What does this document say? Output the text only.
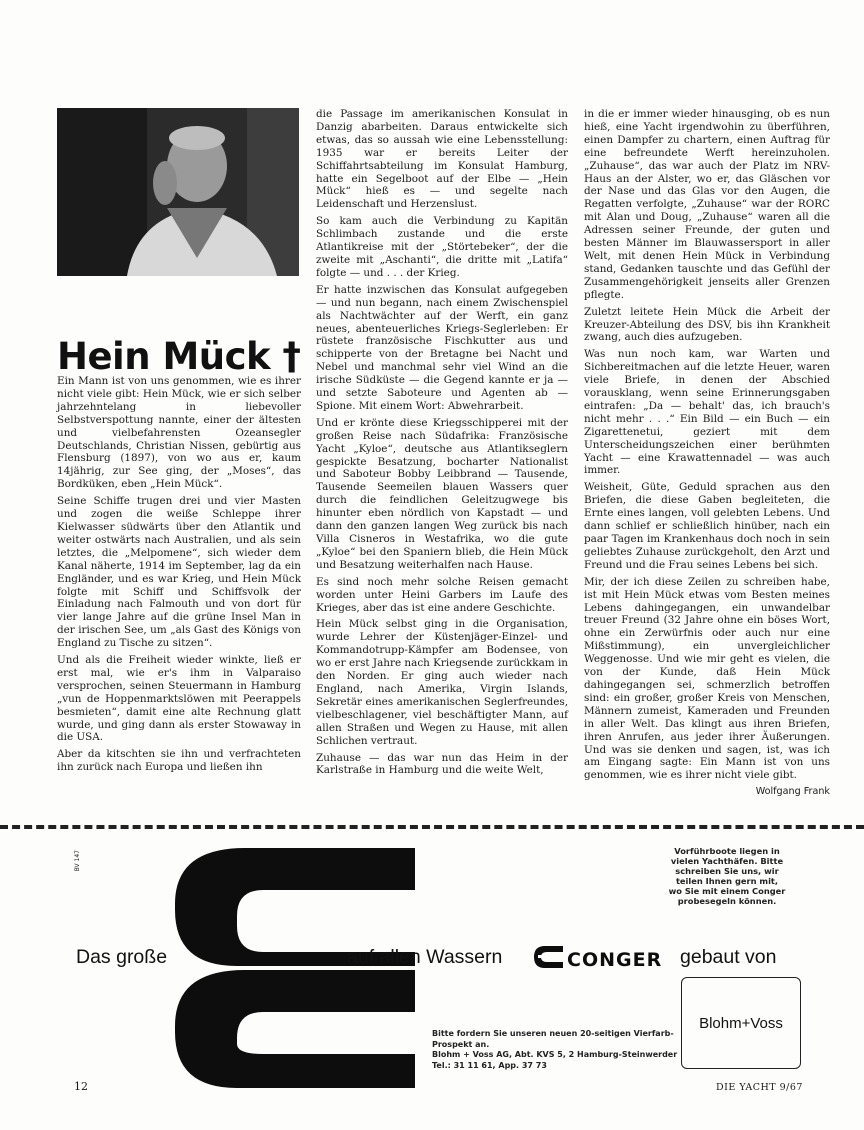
Hein Mück †

Ein Mann ist von uns genommen, wie es ihrer nicht viele gibt: Hein Mück, wie er sich selber jahrzehntelang in liebevoller Selbstverspottung nannte, einer der ältesten und vielbefahrensten Ozeansegler Deutschlands, Christian Nissen, gebürtig aus Flensburg (1897), von wo aus er, kaum 14jährig, zur See ging, der „Moses“, das Bordküken, eben „Hein Mück“.

Seine Schiffe trugen drei und vier Masten und zogen die weiße Schleppe ihrer Kielwasser südwärts über den Atlantik und weiter ostwärts nach Australien, und als sein letztes, die „Melpomene“, sich wieder dem Kanal näherte, 1914 im September, lag da ein Engländer, und es war Krieg, und Hein Mück folgte mit Schiff und Schiffsvolk der Einladung nach Falmouth und von dort für vier lange Jahre auf die grüne Insel Man in der irischen See, um „als Gast des Königs von England zu Tische zu sitzen“.

Und als die Freiheit wieder winkte, ließ er erst mal, wie er's ihm in Valparaiso versprochen, seinen Steuermann in Hamburg „vun de Hoppenmarktslöwen mit Peerappels besmieten“, damit eine alte Rechnung glatt wurde, und ging dann als erster Stowaway in die USA.

Aber da kitschten sie ihn und verfrachteten ihn zurück nach Europa und ließen ihn

die Passage im amerikanischen Konsulat in Danzig abarbeiten. Daraus entwickelte sich etwas, das so aussah wie eine Lebensstellung: 1935 war er bereits Leiter der Schiffahrtsabteilung im Konsulat Hamburg, hatte ein Segelboot auf der Elbe — „Hein Mück“ hieß es — und segelte nach Leidenschaft und Herzenslust.

So kam auch die Verbindung zu Kapitän Schlimbach zustande und die erste Atlantikreise mit der „Störtebeker“, der die zweite mit „Aschanti“, die dritte mit „Latifa“ folgte — und . . . der Krieg.

Er hatte inzwischen das Konsulat aufgegeben — und nun begann, nach einem Zwischenspiel als Nachtwächter auf der Werft, ein ganz neues, abenteuerliches Kriegs-Seglerleben: Er rüstete französische Fischkutter aus und schipperte von der Bretagne bei Nacht und Nebel und manchmal sehr viel Wind an die irische Südküste — die Gegend kannte er ja — und setzte Saboteure und Agenten ab — Spione. Mit einem Wort: Abwehrarbeit.

Und er krönte diese Kriegsschipperei mit der großen Reise nach Südafrika: Französische Yacht „Kyloe“, deutsche aus Atlantikseglern gespickte Besatzung, bocharter Nationalist und Saboteur Bobby Leibbrand — Tausende, Tausende Seemeilen blauen Wassers quer durch die feindlichen Geleitzugwege bis hinunter eben nördlich von Kapstadt — und dann den ganzen langen Weg zurück bis nach Villa Cisneros in Westafrika, wo die gute „Kyloe“ bei den Spaniern blieb, die Hein Mück und Besatzung weiterhalfen nach Hause.

Es sind noch mehr solche Reisen gemacht worden unter Heini Garbers im Laufe des Krieges, aber das ist eine andere Geschichte.

Hein Mück selbst ging in die Organisation, wurde Lehrer der Küstenjäger-Einzel- und Kommandotrupp-Kämpfer am Bodensee, von wo er erst Jahre nach Kriegsende zurückkam in den Norden. Er ging auch wieder nach England, nach Amerika, Virgin Islands, Sekretär eines amerikanischen Seglerfreundes, vielbeschlagener, viel beschäftigter Mann, auf allen Straßen und Wegen zu Hause, mit allen Schlichen vertraut.

Zuhause — das war nun das Heim in der Karlstraße in Hamburg und die weite Welt,

in die er immer wieder hinausging, ob es nun hieß, eine Yacht irgendwohin zu überführen, einen Dampfer zu chartern, einen Auftrag für eine befreundete Werft hereinzuholen. „Zuhause“, das war auch der Platz im NRV-Haus an der Alster, wo er, das Gläschen vor der Nase und das Glas vor den Augen, die Regatten verfolgte, „Zuhause“ war der RORC mit Alan und Doug, „Zuhause“ waren all die Adressen seiner Freunde, der guten und besten Männer im Blauwassersport in aller Welt, mit denen Hein Mück in Verbindung stand, Gedanken tauschte und das Gefühl der Zusammengehörigkeit jenseits aller Grenzen pflegte.

Zuletzt leitete Hein Mück die Arbeit der Kreuzer-Abteilung des DSV, bis ihn Krankheit zwang, auch dies aufzugeben.

Was nun noch kam, war Warten und Sichbereitmachen auf die letzte Heuer, waren viele Briefe, in denen der Abschied vorausklang, wenn seine Erinnerungsgaben eintrafen: „Da — behalt' das, ich brauch's nicht mehr . . .“ Ein Bild — ein Buch — ein Zigarettenetui, geziert mit dem Unterscheidungszeichen einer berühmten Yacht — eine Krawattennadel — was auch immer.

Weisheit, Güte, Geduld sprachen aus den Briefen, die diese Gaben begleiteten, die Ernte eines langen, voll gelebten Lebens. Und dann schlief er schließlich hinüber, nach ein paar Tagen im Krankenhaus doch noch in sein geliebtes Zuhause zurückgeholt, den Arzt und Freund und die Frau seines Lebens bei sich.

Mir, der ich diese Zeilen zu schreiben habe, ist mit Hein Mück etwas vom Besten meines Lebens dahingegangen, ein unwandelbar treuer Freund (32 Jahre ohne ein böses Wort, ohne ein Zerwürfnis oder auch nur eine Mißstimmung), ein unvergleichlicher Weggenosse. Und wie mir geht es vielen, die von der Kunde, daß Hein Mück dahingegangen sei, schmerzlich betroffen sind: ein großer, großer Kreis von Menschen, Männern zumeist, Kameraden und Freunden in aller Welt. Das klingt aus ihren Briefen, ihren Anrufen, aus jeder ihrer Äußerungen. Und was sie denken und sagen, ist, was ich am Eingang sagte: Ein Mann ist von uns genommen, wie es ihrer nicht viele gibt.

Wolfgang Frank
BV 147	Vorführboote liegen in vielen Yachthäfen. Bitte schreiben Sie uns, wir teilen Ihnen gern mit, wo Sie mit einem Conger probesegeln können.
Das große	auf allen Wassern	CONGER gebaut von
Blohm+Voss
Bitte fordern Sie unseren neuen 20-seitigen Vierfarb-Prospekt an.
Blohm + Voss AG, Abt. KVS 5, 2 Hamburg-Steinwerder
Tel.: 31 11 61, App. 37 73
12	DIE YACHT 9/67
